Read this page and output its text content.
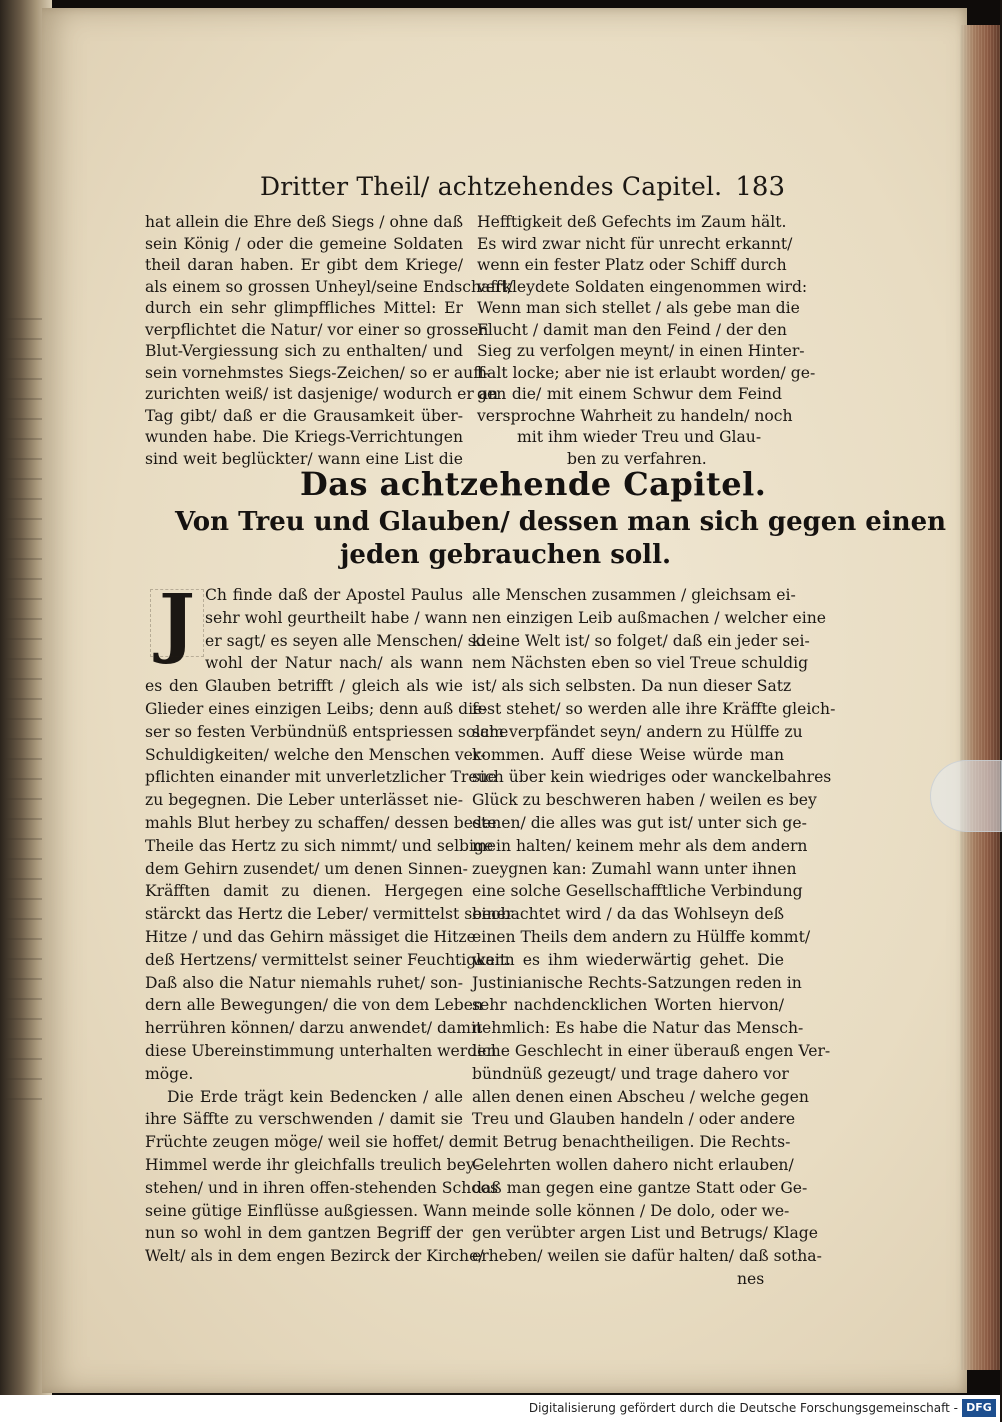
Dritter Theil/ achtzehendes Capitel. 183
hat allein die Ehre deß Siegs / ohne daß
sein König / oder die gemeine Soldaten
theil daran haben. Er gibt dem Kriege/
als einem so grossen Unheyl/seine Endschafft/
durch ein sehr glimpffliches Mittel: Er
verpflichtet die Natur/ vor einer so grossen
Blut-Vergiessung sich zu enthalten/ und
sein vornehmstes Siegs-Zeichen/ so er auff-
zurichten weiß/ ist dasjenige/ wodurch er an
Tag gibt/ daß er die Grausamkeit über-
wunden habe. Die Kriegs-Verrichtungen
sind weit beglückter/ wann eine List die
Hefftigkeit deß Gefechts im Zaum hält.
Es wird zwar nicht für unrecht erkannt/
wenn ein fester Platz oder Schiff durch
verkleydete Soldaten eingenommen wird:
Wenn man sich stellet / als gebe man die
Flucht / damit man den Feind / der den
Sieg zu verfolgen meynt/ in einen Hinter-
halt locke; aber nie ist erlaubt worden/ ge-
gen die/ mit einem Schwur dem Feind
versprochne Wahrheit zu handeln/ noch
mit ihm wieder Treu und Glau-
ben zu verfahren.
Das achtzehende Capitel.
Von Treu und Glauben/ dessen man sich gegen einen
jeden gebrauchen soll.
J Ch finde daß der Apostel Paulus
sehr wohl geurtheilt habe / wann
er sagt/ es seyen alle Menschen/ so
wohl der Natur nach/ als wann
es den Glauben betrifft / gleich als wie
Glieder eines einzigen Leibs; denn auß die-
ser so festen Verbündnüß entspriessen solche
Schuldigkeiten/ welche den Menschen ver-
pflichten einander mit unverletzlicher Treue
zu begegnen. Die Leber unterlässet nie-
mahls Blut herbey zu schaffen/ dessen beste
Theile das Hertz zu sich nimmt/ und selbige
dem Gehirn zusendet/ um denen Sinnen-
Kräfften damit zu dienen. Hergegen
stärckt das Hertz die Leber/ vermittelst seiner
Hitze / und das Gehirn mässiget die Hitze
deß Hertzens/ vermittelst seiner Feuchtigkeit.
Daß also die Natur niemahls ruhet/ son-
dern alle Bewegungen/ die von dem Leben
herrühren können/ darzu anwendet/ damit
diese Ubereinstimmung unterhalten werden
möge.
Die Erde trägt kein Bedencken / alle
ihre Säffte zu verschwenden / damit sie
Früchte zeugen möge/ weil sie hoffet/ der
Himmel werde ihr gleichfalls treulich bey-
stehen/ und in ihren offen-stehenden Schoos
seine gütige Einflüsse außgiessen. Wann
nun so wohl in dem gantzen Begriff der
Welt/ als in dem engen Bezirck der Kirche/
alle Menschen zusammen / gleichsam ei-
nen einzigen Leib außmachen / welcher eine
kleine Welt ist/ so folget/ daß ein jeder sei-
nem Nächsten eben so viel Treue schuldig
ist/ als sich selbsten. Da nun dieser Satz
fest stehet/ so werden alle ihre Kräffte gleich-
sam verpfändet seyn/ andern zu Hülffe zu
kommen. Auff diese Weise würde man
sich über kein wiedriges oder wanckelbahres
Glück zu beschweren haben / weilen es bey
denen/ die alles was gut ist/ unter sich ge-
mein halten/ keinem mehr als dem andern
zueygnen kan: Zumahl wann unter ihnen
eine solche Gesellschafftliche Verbindung
beobachtet wird / da das Wohlseyn deß
einen Theils dem andern zu Hülffe kommt/
wann es ihm wiederwärtig gehet. Die
Justinianische Rechts-Satzungen reden in
sehr nachdencklichen Worten hiervon/
nehmlich: Es habe die Natur das Mensch-
liche Geschlecht in einer überauß engen Ver-
bündnüß gezeugt/ und trage dahero vor
allen denen einen Abscheu / welche gegen
Treu und Glauben handeln / oder andere
mit Betrug benachtheiligen. Die Rechts-
Gelehrten wollen dahero nicht erlauben/
daß man gegen eine gantze Statt oder Ge-
meinde solle können / De dolo, oder we-
gen verübter argen List und Betrugs/ Klage
erheben/ weilen sie dafür halten/ daß sotha-
nes
Digitalisierung gefördert durch die Deutsche Forschungsgemeinschaft - DFG
